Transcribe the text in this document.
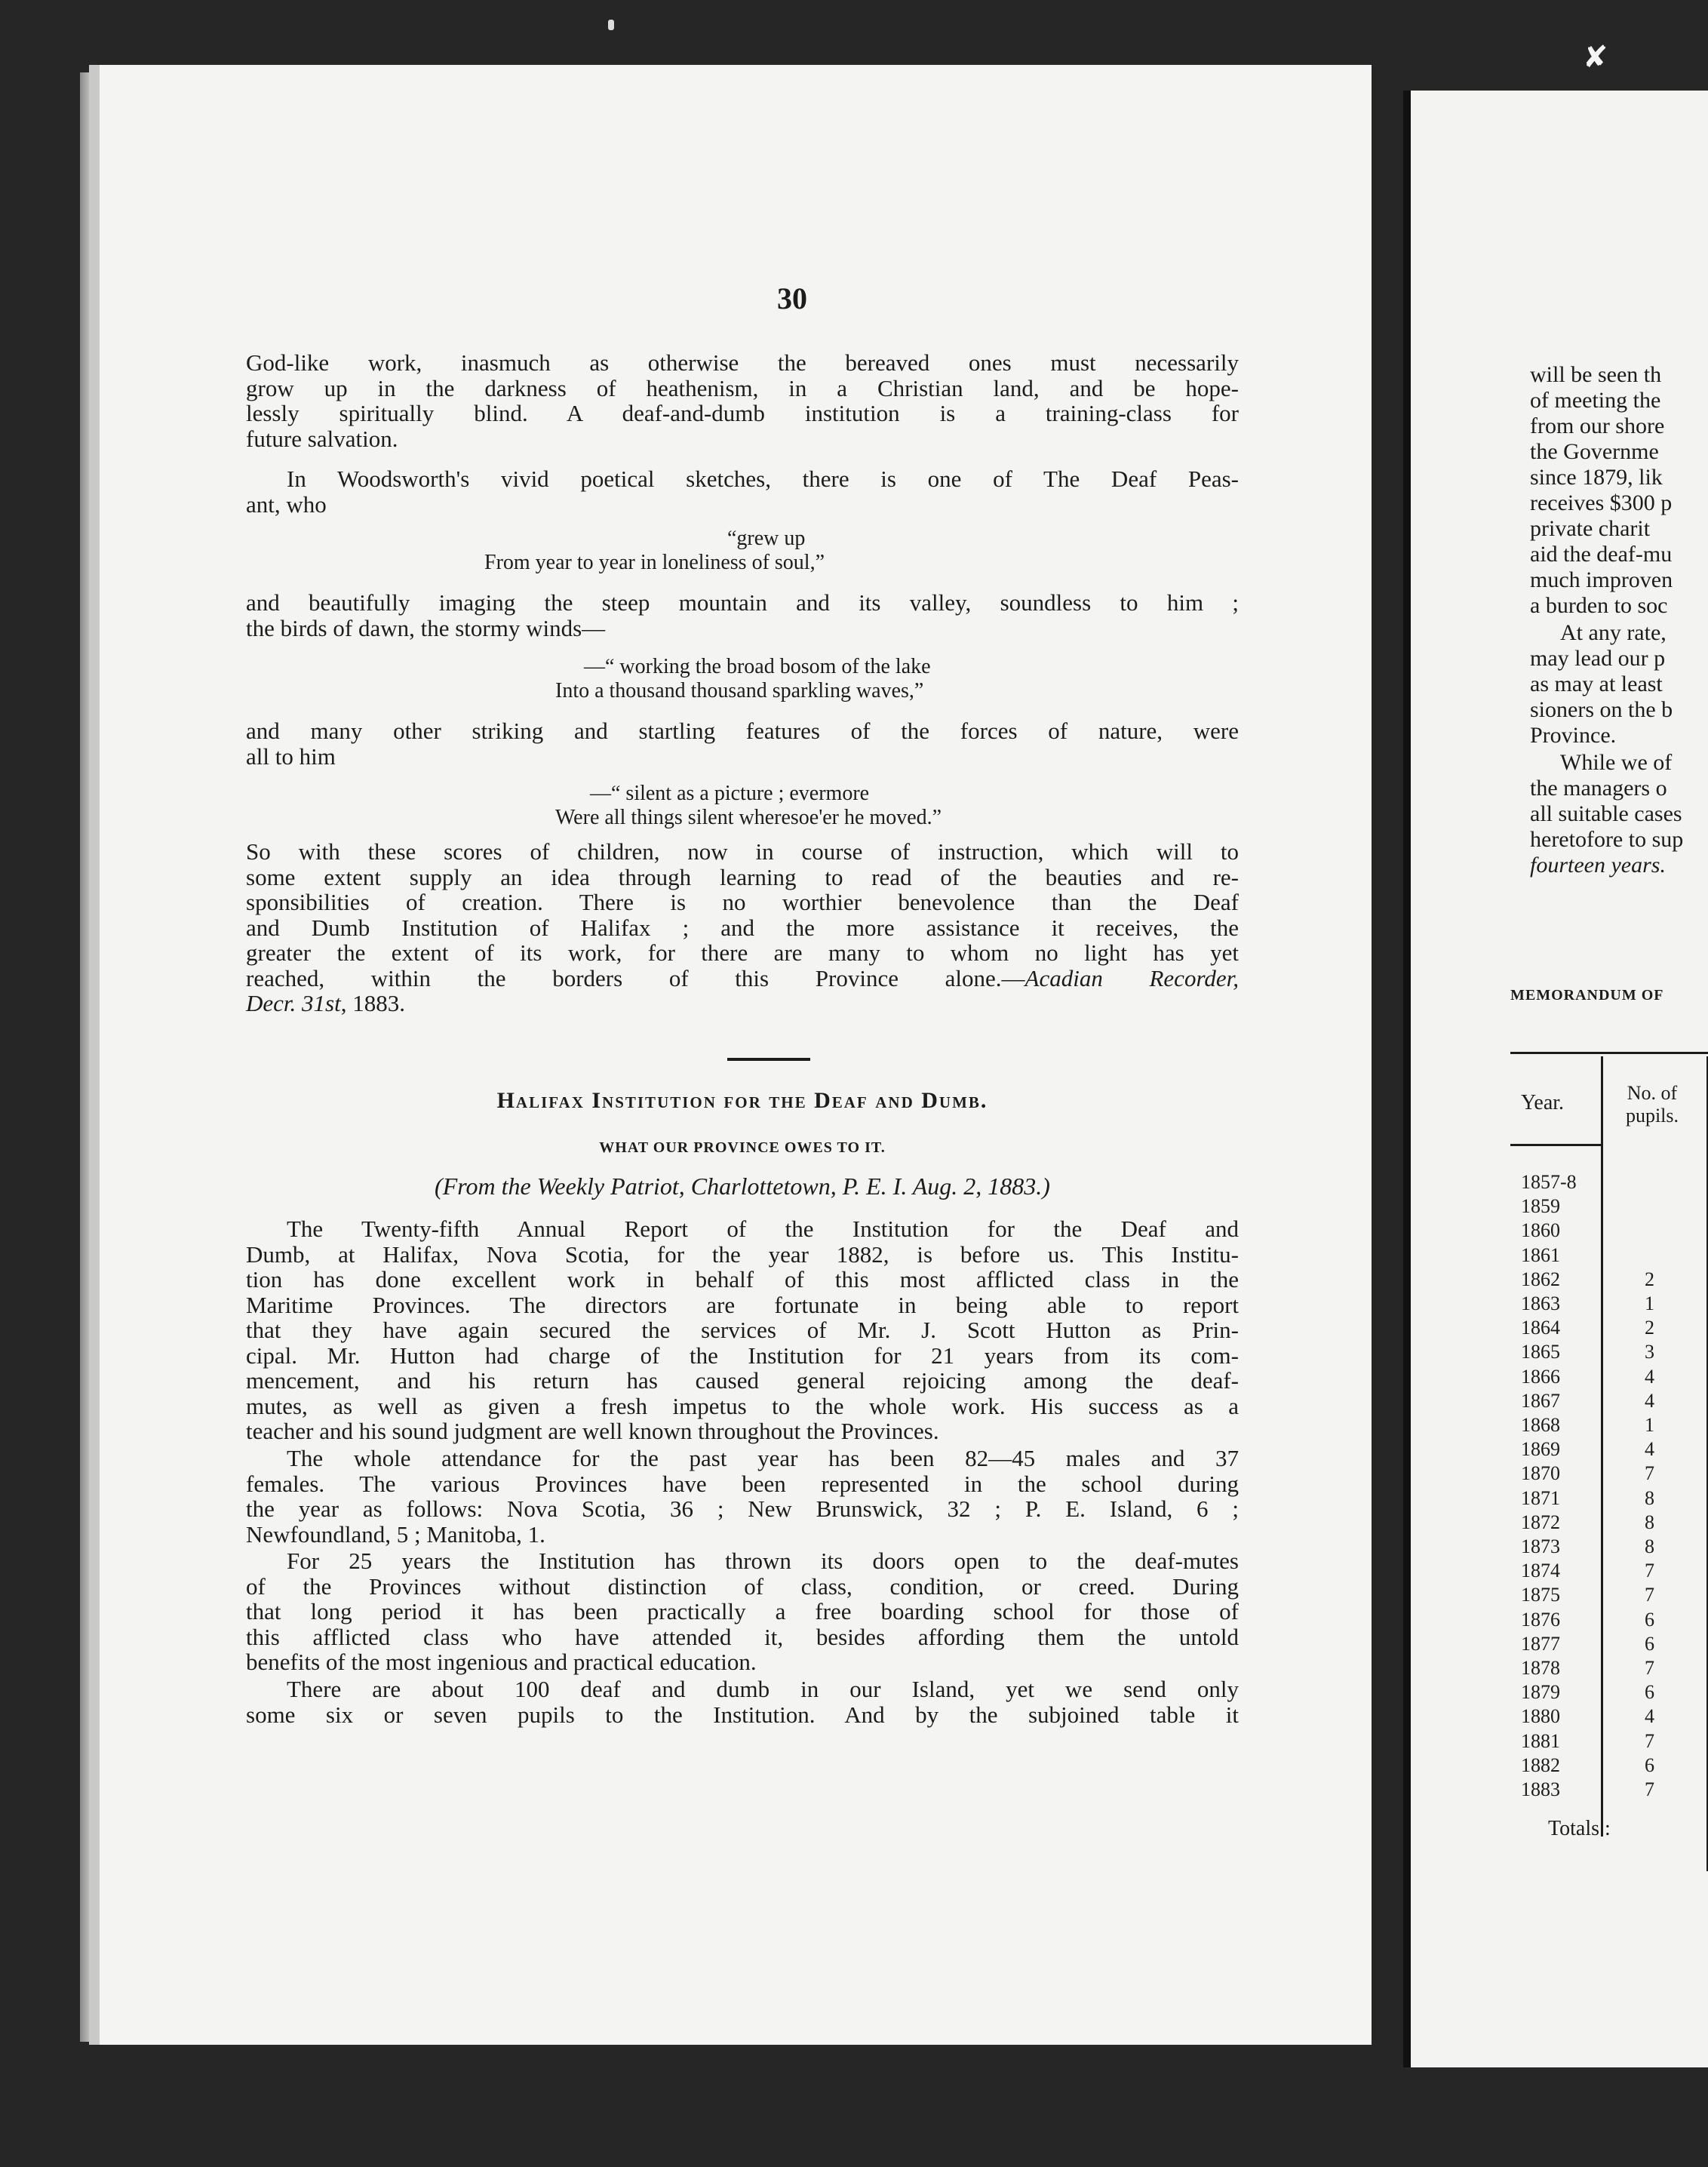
✘
30
God-like work, inasmuch as otherwise the bereaved ones must necessarily
grow up in the darkness of heathenism, in a Christian land, and be hope-
lessly spiritually blind. A deaf-and-dumb institution is a training-class for
future salvation.
In Woodsworth's vivid poetical sketches, there is one of The Deaf Peas-
ant, who
“grew up
From year to year in loneliness of soul,”
and beautifully imaging the steep mountain and its valley, soundless to him ;
the birds of dawn, the stormy winds—
—“ working the broad bosom of the lake
Into a thousand thousand sparkling waves,”
and many other striking and startling features of the forces of nature, were
all to him
—“ silent as a picture ; evermore
Were all things silent wheresoe'er he moved.”
So with these scores of children, now in course of instruction, which will to
some extent supply an idea through learning to read of the beauties and re-
sponsibilities of creation. There is no worthier benevolence than the Deaf
and Dumb Institution of Halifax ; and the more assistance it receives, the
greater the extent of its work, for there are many to whom no light has yet
reached, within the borders of this Province alone.—Acadian Recorder,
Decr. 31st, 1883.
Halifax Institution for the Deaf and Dumb.
WHAT OUR PROVINCE OWES TO IT.
(From the Weekly Patriot, Charlottetown, P. E. I. Aug. 2, 1883.)
The Twenty-fifth Annual Report of the Institution for the Deaf and
Dumb, at Halifax, Nova Scotia, for the year 1882, is before us. This Institu-
tion has done excellent work in behalf of this most afflicted class in the
Maritime Provinces. The directors are fortunate in being able to report
that they have again secured the services of Mr. J. Scott Hutton as Prin-
cipal. Mr. Hutton had charge of the Institution for 21 years from its com-
mencement, and his return has caused general rejoicing among the deaf-
mutes, as well as given a fresh impetus to the whole work. His success as a
teacher and his sound judgment are well known throughout the Provinces.
The whole attendance for the past year has been 82—45 males and 37
females. The various Provinces have been represented in the school during
the year as follows: Nova Scotia, 36 ; New Brunswick, 32 ; P. E. Island, 6 ;
Newfoundland, 5 ; Manitoba, 1.
For 25 years the Institution has thrown its doors open to the deaf-mutes
of the Provinces without distinction of class, condition, or creed. During
that long period it has been practically a free boarding school for those of
this afflicted class who have attended it, besides affording them the untold
benefits of the most ingenious and practical education.
There are about 100 deaf and dumb in our Island, yet we send only
some six or seven pupils to the Institution. And by the subjoined table it
will be seen th
of meeting the
from our shore
the Governme
since 1879, lik
receives $300 p
private charit
aid the deaf-mu
much improven
a burden to soc
At any rate,
may lead our p
as may at least
sioners on the b
Province.
While we of
the managers o
all suitable cases
heretofore to sup
fourteen years.
MEMORANDUM OF
Year.	No. of
pupils.
1857-8
1859
1860
1861
1862	2
1863	1
1864	2
1865	3
1866	4
1867	4
1868	1
1869	4
1870	7
1871	8
1872	8
1873	8
1874	7
1875	7
1876	6
1877	6
1878	7
1879	6
1880	4
1881	7
1882	6
1883	7
Totals :
